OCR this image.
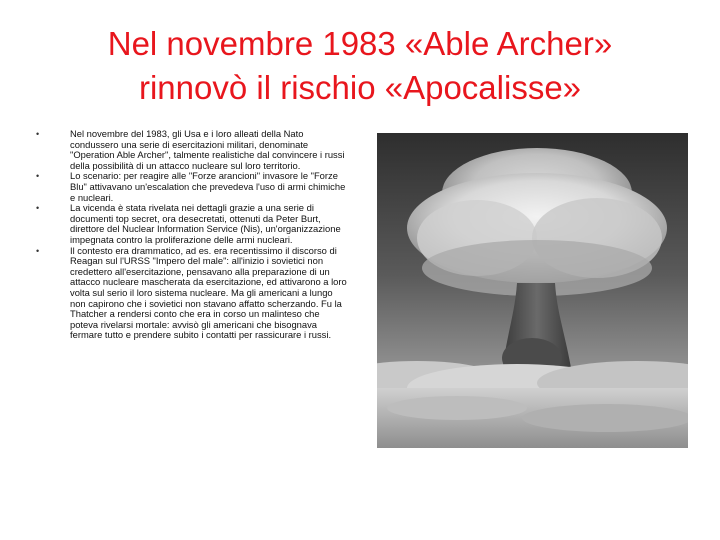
Nel novembre 1983 «Able Archer»
rinnovò il rischio «Apocalisse»
•	Nel novembre del 1983, gli Usa e i loro alleati della Nato condussero una serie di esercitazioni militari, denominate "Operation Able Archer", talmente realistiche dal convincere i russi della possibilità di un attacco nucleare sul loro territorio.
•	Lo scenario: per reagire alle "Forze arancioni" invasore le "Forze Blu" attivavano un'escalation che prevedeva l'uso di armi chimiche e nucleari.
•	La vicenda è stata rivelata nei dettagli grazie a una serie di documenti top secret, ora desecretati, ottenuti da Peter Burt, direttore del Nuclear Information Service (Nis), un'organizzazione impegnata contro la proliferazione delle armi nucleari.
•	Il contesto era drammatico, ad es. era recentissimo il discorso di Reagan sul l'URSS "Impero del male": all'inizio i sovietici non credettero all'esercitazione, pensavano alla preparazione di un attacco nucleare mascherata da esercitazione, ed attivarono a loro volta sul serio il loro sistema nucleare. Ma gli americani a lungo non capirono che i sovietici non stavano affatto scherzando. Fu la Thatcher a rendersi conto che era in corso un malinteso che poteva rivelarsi mortale: avvisò gli americani che bisognava fermare tutto e prendere subito i contatti per rassicurare i russi.
